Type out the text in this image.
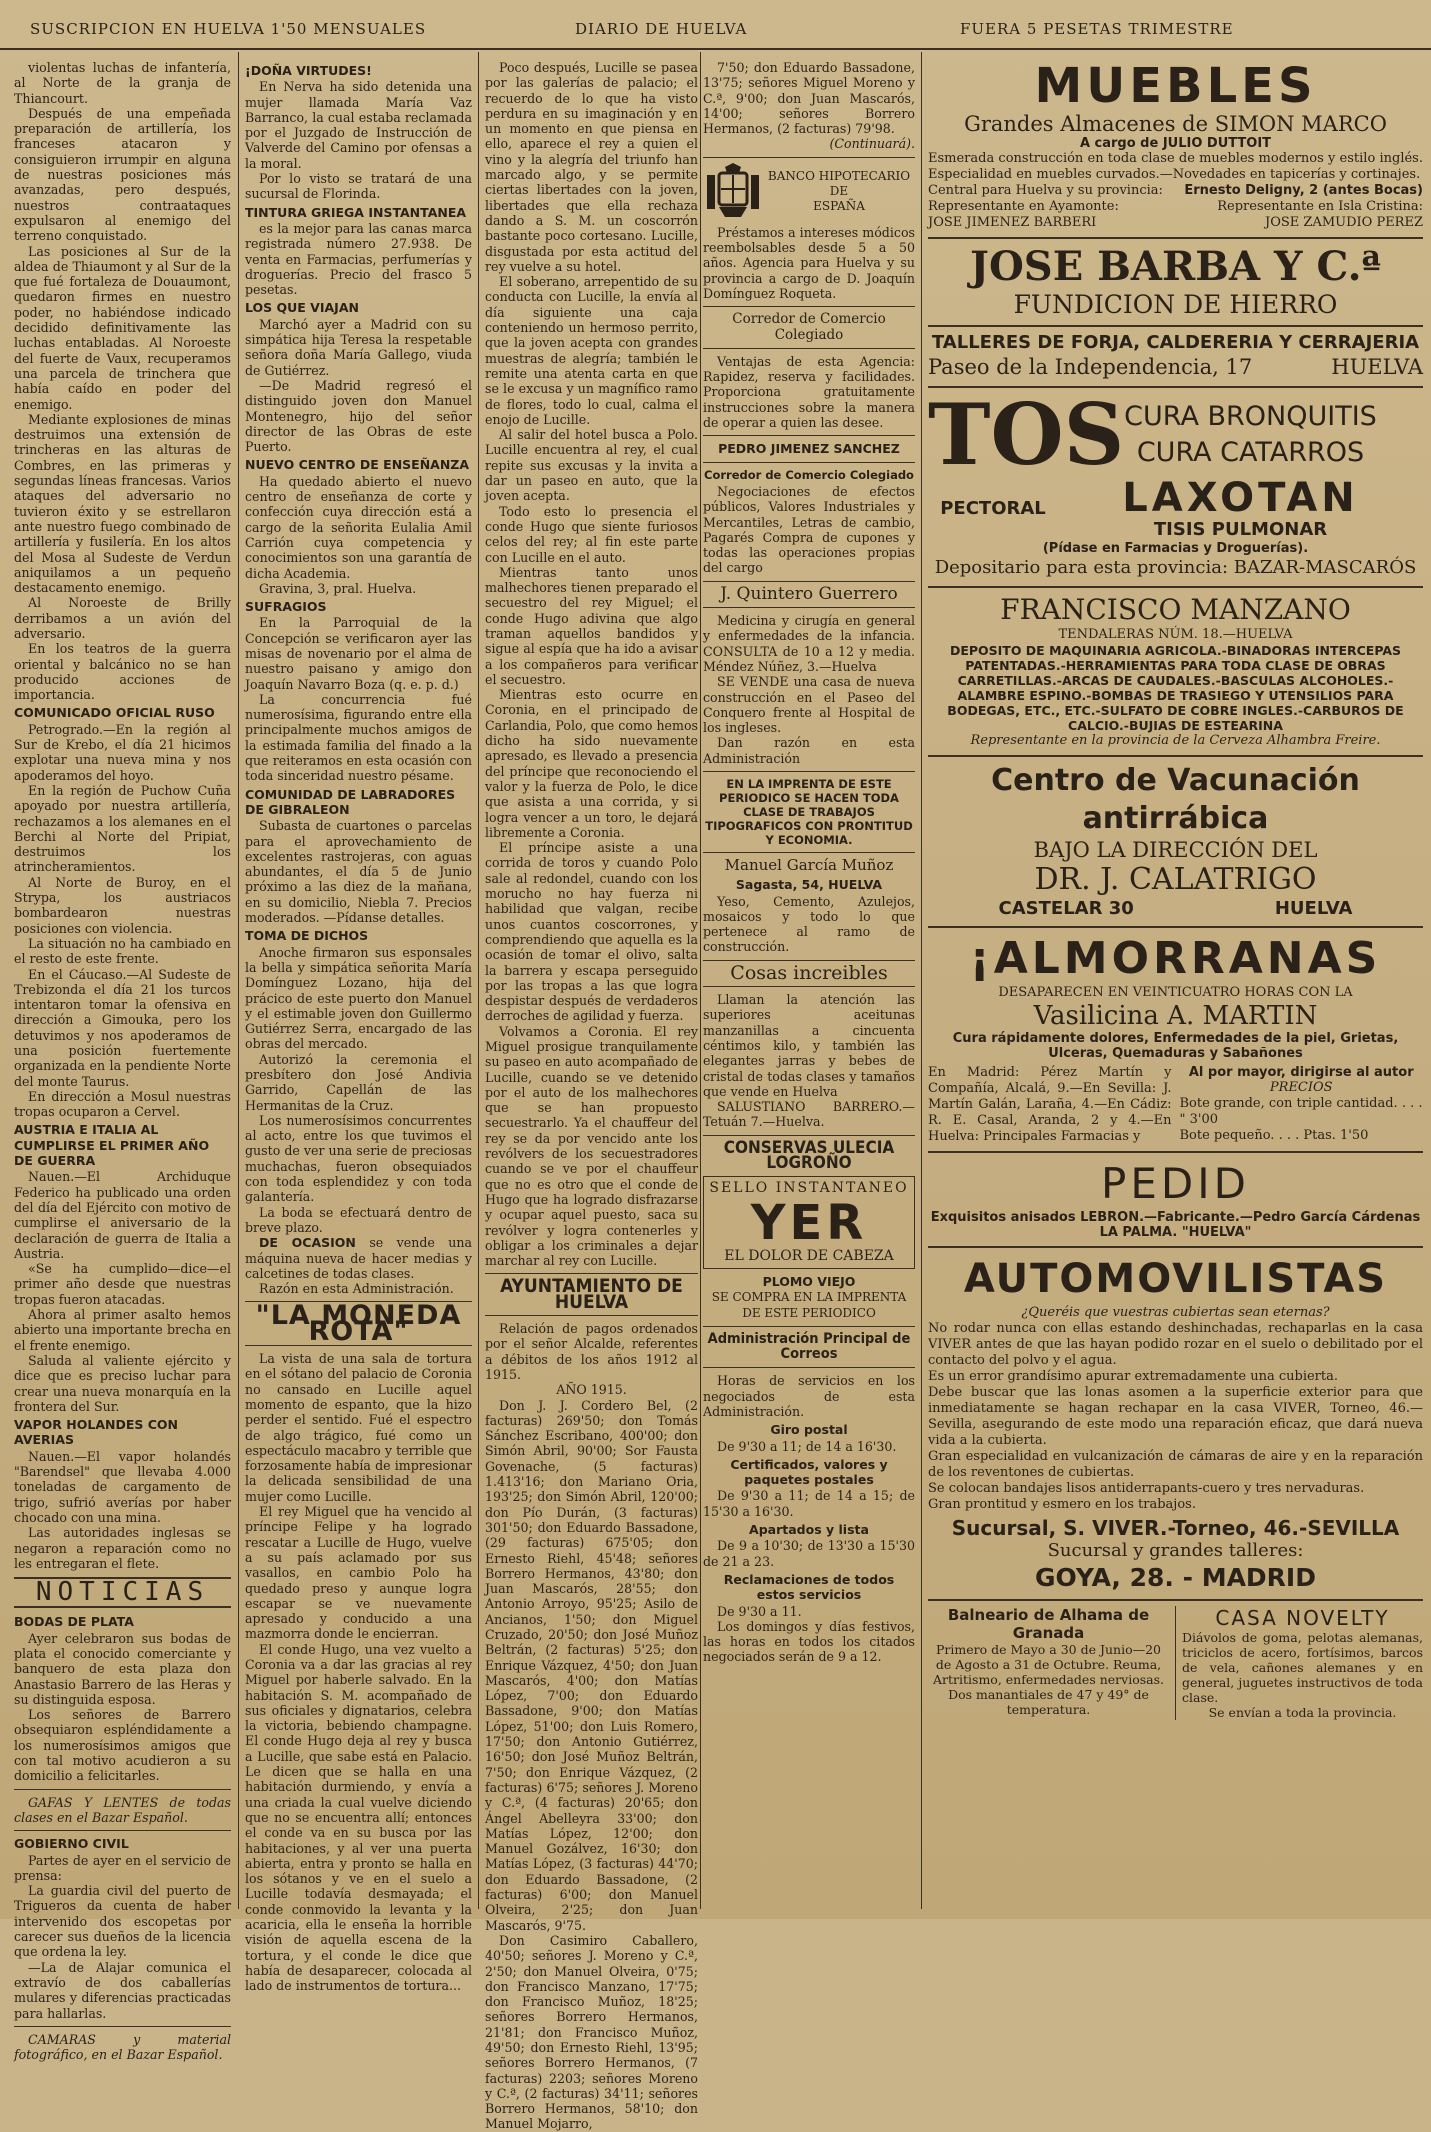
SUSCRIPCION EN HUELVA 1'50 MENSUALES	DIARIO DE HUELVA	FUERA 5 PESETAS TRIMESTRE

violentas luchas de infantería, al Norte de la granja de Thiancourt.

Después de una empeñada preparación de artillería, los franceses atacaron y consiguieron irrumpir en alguna de nuestras posiciones más avanzadas, pero después, nuestros contraataques expulsaron al enemigo del terreno conquistado.

Las posiciones al Sur de la aldea de Thiaumont y al Sur de la que fué fortaleza de Douaumont, quedaron firmes en nuestro poder, no habiéndose indicado decidido definitivamente las luchas entabladas. Al Noroeste del fuerte de Vaux, recuperamos una parcela de trinchera que había caído en poder del enemigo.

Mediante explosiones de minas destruimos una extensión de trincheras en las alturas de Combres, en las primeras y segundas líneas francesas. Varios ataques del adversario no tuvieron éxito y se estrellaron ante nuestro fuego combinado de artillería y fusilería. En los altos del Mosa al Sudeste de Verdun aniquilamos a un pequeño destacamento enemigo.

Al Noroeste de Brilly derribamos a un avión del adversario.

En los teatros de la guerra oriental y balcánico no se han producido acciones de importancia.

COMUNICADO OFICIAL RUSO

Petrogrado.—En la región al Sur de Krebo, el día 21 hicimos explotar una nueva mina y nos apoderamos del hoyo.

En la región de Puchow Cuña apoyado por nuestra artillería, rechazamos a los alemanes en el Berchi al Norte del Pripiat, destruimos los atrincheramientos.

Al Norte de Buroy, en el Strypa, los austriacos bombardearon nuestras posiciones con violencia.

La situación no ha cambiado en el resto de este frente.

En el Cáucaso.—Al Sudeste de Trebizonda el día 21 los turcos intentaron tomar la ofensiva en dirección a Gimouka, pero los detuvimos y nos apoderamos de una posición fuertemente organizada en la pendiente Norte del monte Taurus.

En dirección a Mosul nuestras tropas ocuparon a Cervel.

AUSTRIA E ITALIA AL CUMPLIRSE EL PRIMER AÑO DE GUERRA

Nauen.—El Archiduque Federico ha publicado una orden del día del Ejército con motivo de cumplirse el aniversario de la declaración de guerra de Italia a Austria.

«Se ha cumplido—dice—el primer año desde que nuestras tropas fueron atacadas.

Ahora al primer asalto hemos abierto una importante brecha en el frente enemigo.

Saluda al valiente ejército y dice que es preciso luchar para crear una nueva monarquía en la frontera del Sur.

VAPOR HOLANDES CON AVERIAS

Nauen.—El vapor holandés "Barendsel" que llevaba 4.000 toneladas de cargamento de trigo, sufrió averías por haber chocado con una mina.

Las autoridades inglesas se negaron a reparación como no les entregaran el flete.

NOTICIAS
BODAS DE PLATA

Ayer celebraron sus bodas de plata el conocido comerciante y banquero de esta plaza don Anastasio Barrero de las Heras y su distinguida esposa.

Los señores de Barrero obsequiaron espléndidamente a los numerosísimos amigos que con tal motivo acudieron a su domicilio a felicitarles.

GAFAS Y LENTES de todas clases en el Bazar Español.

GOBIERNO CIVIL

Partes de ayer en el servicio de prensa:

La guardia civil del puerto de Trigueros da cuenta de haber intervenido dos escopetas por carecer sus dueños de la licencia que ordena la ley.

—La de Alajar comunica el extravío de dos caballerías mulares y diferencias practicadas para hallarlas.

CAMARAS y material fotográfico, en el Bazar Español.

¡DOÑA VIRTUDES!

En Nerva ha sido detenida una mujer llamada María Vaz Barranco, la cual estaba reclamada por el Juzgado de Instrucción de Valverde del Camino por ofensas a la moral.

Por lo visto se tratará de una sucursal de Florinda.

TINTURA GRIEGA INSTANTANEA

es la mejor para las canas marca registrada número 27.938. De venta en Farmacias, perfumerías y droguerías. Precio del frasco 5 pesetas.

LOS QUE VIAJAN

Marchó ayer a Madrid con su simpática hija Teresa la respetable señora doña María Gallego, viuda de Gutiérrez.

—De Madrid regresó el distinguido joven don Manuel Montenegro, hijo del señor director de las Obras de este Puerto.

NUEVO CENTRO DE ENSEÑANZA

Ha quedado abierto el nuevo centro de enseñanza de corte y confección cuya dirección está a cargo de la señorita Eulalia Amil Carrión cuya competencia y conocimientos son una garantía de dicha Academia.

Gravina, 3, pral. Huelva.

SUFRAGIOS

En la Parroquial de la Concepción se verificaron ayer las misas de novenario por el alma de nuestro paisano y amigo don Joaquín Navarro Boza (q. e. p. d.)

La concurrencia fué numerosísima, figurando entre ella principalmente muchos amigos de la estimada familia del finado a la que reiteramos en esta ocasión con toda sinceridad nuestro pésame.

COMUNIDAD DE LABRADORES DE GIBRALEON

Subasta de cuartones o parcelas para el aprovechamiento de excelentes rastrojeras, con aguas abundantes, el día 5 de Junio próximo a las diez de la mañana, en su domicilio, Niebla 7. Precios moderados. —Pídanse detalles.

TOMA DE DICHOS

Anoche firmaron sus esponsales la bella y simpática señorita María Domínguez Lozano, hija del prácico de este puerto don Manuel y el estimable joven don Guillermo Gutiérrez Serra, encargado de las obras del mercado.

Autorizó la ceremonia el presbítero don José Andivia Garrido, Capellán de las Hermanitas de la Cruz.

Los numerosísimos concurrentes al acto, entre los que tuvimos el gusto de ver una serie de preciosas muchachas, fueron obsequiados con toda esplendidez y con toda galantería.

La boda se efectuará dentro de breve plazo.

DE OCASION se vende una máquina nueva de hacer medias y calcetines de todas clases.

Razón en esta Administración.

"LA MONEDA ROTA"

La vista de una sala de tortura en el sótano del palacio de Coronia no cansado en Lucille aquel momento de espanto, que la hizo perder el sentido. Fué el espectro de algo trágico, fué como un espectáculo macabro y terrible que forzosamente había de impresionar la delicada sensibilidad de una mujer como Lucille.

El rey Miguel que ha vencido al príncipe Felipe y ha logrado rescatar a Lucille de Hugo, vuelve a su país aclamado por sus vasallos, en cambio Polo ha quedado preso y aunque logra escapar se ve nuevamente apresado y conducido a una mazmorra donde le encierran.

El conde Hugo, una vez vuelto a Coronia va a dar las gracias al rey Miguel por haberle salvado. En la habitación S. M. acompañado de sus oficiales y dignatarios, celebra la victoria, bebiendo champagne. El conde Hugo deja al rey y busca a Lucille, que sabe está en Palacio. Le dicen que se halla en una habitación durmiendo, y envía a una criada la cual vuelve diciendo que no se encuentra allí; entonces el conde va en su busca por las habitaciones, y al ver una puerta abierta, entra y pronto se halla en los sótanos y ve en el suelo a Lucille todavía desmayada; el conde conmovido la levanta y la acaricia, ella le enseña la horrible visión de aquella escena de la tortura, y el conde le dice que había de desaparecer, colocada al lado de instrumentos de tortura...

Poco después, Lucille se pasea por las galerías de palacio; el recuerdo de lo que ha visto perdura en su imaginación y en un momento en que piensa en ello, aparece el rey a quien el vino y la alegría del triunfo han marcado algo, y se permite ciertas libertades con la joven, libertades que ella rechaza dando a S. M. un coscorrón bastante poco cortesano. Lucille, disgustada por esta actitud del rey vuelve a su hotel.

El soberano, arrepentido de su conducta con Lucille, la envía al día siguiente una caja conteniendo un hermoso perrito, que la joven acepta con grandes muestras de alegría; también le remite una atenta carta en que se le excusa y un magnífico ramo de flores, todo lo cual, calma el enojo de Lucille.

Al salir del hotel busca a Polo. Lucille encuentra al rey, el cual repite sus excusas y la invita a dar un paseo en auto, que la joven acepta.

Todo esto lo presencia el conde Hugo que siente furiosos celos del rey; al fin este parte con Lucille en el auto.

Mientras tanto unos malhechores tienen preparado el secuestro del rey Miguel; el conde Hugo adivina que algo traman aquellos bandidos y sigue al espía que ha ido a avisar a los compañeros para verificar el secuestro.

Mientras esto ocurre en Coronia, en el principado de Carlandia, Polo, que como hemos dicho ha sido nuevamente apresado, es llevado a presencia del príncipe que reconociendo el valor y la fuerza de Polo, le dice que asista a una corrida, y si logra vencer a un toro, le dejará libremente a Coronia.

El príncipe asiste a una corrida de toros y cuando Polo sale al redondel, cuando con los morucho no hay fuerza ni habilidad que valgan, recibe unos cuantos coscorrones, y comprendiendo que aquella es la ocasión de tomar el olivo, salta la barrera y escapa perseguido por las tropas a las que logra despistar después de verdaderos derroches de agilidad y fuerza.

Volvamos a Coronia. El rey Miguel prosigue tranquilamente su paseo en auto acompañado de Lucille, cuando se ve detenido por el auto de los malhechores que se han propuesto secuestrarlo. Ya el chauffeur del rey se da por vencido ante los revólvers de los secuestradores cuando se ve por el chauffeur que no es otro que el conde de Hugo que ha logrado disfrazarse y ocupar aquel puesto, saca su revólver y logra contenerles y obligar a los criminales a dejar marchar al rey con Lucille.

AYUNTAMIENTO DE HUELVA

Relación de pagos ordenados por el señor Alcalde, referentes a débitos de los años 1912 al 1915.

AÑO 1915.

Don J. J. Cordero Bel, (2 facturas) 269'50; don Tomás Sánchez Escribano, 400'00; don Simón Abril, 90'00; Sor Fausta Govenache, (5 facturas) 1.413'16; don Mariano Oria, 193'25; don Simón Abril, 120'00; don Pío Durán, (3 facturas) 301'50; don Eduardo Bassadone, (29 facturas) 675'05; don Ernesto Riehl, 45'48; señores Borrero Hermanos, 43'80; don Juan Mascarós, 28'55; don Antonio Arroyo, 95'25; Asilo de Ancianos, 1'50; don Miguel Cruzado, 20'50; don José Muñoz Beltrán, (2 facturas) 5'25; don Enrique Vázquez, 4'50; don Juan Mascarós, 4'00; don Matías López, 7'00; don Eduardo Bassadone, 9'00; don Matías López, 51'00; don Luis Romero, 17'50; don Antonio Gutiérrez, 16'50; don José Muñoz Beltrán, 7'50; don Enrique Vázquez, (2 facturas) 6'75; señores J. Moreno y C.ª, (4 facturas) 20'65; don Ángel Abelleyra 33'00; don Matías López, 12'00; don Manuel Gozálvez, 16'30; don Matías López, (3 facturas) 44'70; don Eduardo Bassadone, (2 facturas) 6'00; don Manuel Olveira, 2'25; don Juan Mascarós, 9'75.

Don Casimiro Caballero, 40'50; señores J. Moreno y C.ª, 2'50; don Manuel Olveira, 0'75; don Francisco Manzano, 17'75; don Francisco Muñoz, 18'25; señores Borrero Hermanos, 21'81; don Francisco Muñoz, 49'50; don Ernesto Riehl, 13'95; señores Borrero Hermanos, (7 facturas) 2203; señores Moreno y C.ª, (2 facturas) 34'11; señores Borrero Hermanos, 58'10; don Manuel Mojarro,

7'50; don Eduardo Bassadone, 13'75; señores Miguel Moreno y C.ª, 9'00; don Juan Mascarós, 14'00; señores Borrero Hermanos, (2 facturas) 79'98.

(Continuará).

BANCO HIPOTECARIO
DE
ESPAÑA

Préstamos a intereses módicos reembolsables desde 5 a 50 años. Agencia para Huelva y su provincia a cargo de D. Joaquín Domínguez Roqueta.

Corredor de Comercio Colegiado

Ventajas de esta Agencia: Rapidez, reserva y facilidades. Proporciona gratuitamente instrucciones sobre la manera de operar a quien las desee.

PEDRO JIMENEZ SANCHEZ
Corredor de Comercio Colegiado

Negociaciones de efectos públicos, Valores Industriales y Mercantiles, Letras de cambio, Pagarés Compra de cupones y todas las operaciones propias del cargo

J. Quintero Guerrero

Medicina y cirugía en general y enfermedades de la infancia. CONSULTA de 10 a 12 y media. Méndez Núñez, 3.—Huelva

SE VENDE una casa de nueva construcción en el Paseo del Conquero frente al Hospital de los ingleses.

Dan razón en esta Administración

EN LA IMPRENTA DE ESTE PERIODICO SE HACEN TODA CLASE DE TRABAJOS TIPOGRAFICOS CON PRONTITUD Y ECONOMIA.
Manuel García Muñoz
Sagasta, 54, HUELVA

Yeso, Cemento, Azulejos, mosaicos y todo lo que pertenece al ramo de construcción.

Cosas increibles

Llaman la atención las superiores aceitunas manzanillas a cincuenta céntimos kilo, y también las elegantes jarras y bebes de cristal de todas clases y tamaños que vende en Huelva

SALUSTIANO BARRERO.—Tetuán 7.—Huelva.

CONSERVAS ULECIA LOGROÑO
SELLO INSTANTANEO
YER
EL DOLOR DE CABEZA
PLOMO VIEJO
SE COMPRA EN LA IMPRENTA DE ESTE PERIODICO
Administración Principal de Correos

Horas de servicios en los negociados de esta Administración.

Giro postal

De 9'30 a 11; de 14 a 16'30.

Certificados, valores y paquetes postales

De 9'30 a 11; de 14 a 15; de 15'30 a 16'30.

Apartados y lista

De 9 a 10'30; de 13'30 a 15'30 de 21 a 23.

Reclamaciones de todos estos servicios

De 9'30 a 11.

Los domingos y días festivos, las horas en todos los citados negociados serán de 9 a 12.

MUEBLES
Grandes Almacenes de SIMON MARCO
A cargo de JULIO DUTTOIT
Esmerada construcción en toda clase de muebles modernos y estilo inglés. Especialidad en muebles curvados.—Novedades en tapicerías y cortinajes.
Central para Huelva y su provincia: Ernesto Deligny, 2 (antes Bocas)
Representante en Ayamonte:	Representante en Isla Cristina:
JOSE JIMENEZ BARBERI	JOSE ZAMUDIO PEREZ
JOSE BARBA Y C.ª
FUNDICION DE HIERRO
TALLERES DE FORJA, CALDERERIA Y CERRAJERIA
Paseo de la Independencia, 17	HUELVA
TOS CURA BRONQUITIS
CURA CATARROS
PECTORAL	LAXOTAN
TISIS PULMONAR
(Pídase en Farmacias y Droguerías).
Depositario para esta provincia: BAZAR-MASCARÓS
FRANCISCO MANZANO
TENDALERAS NÚM. 18.—HUELVA
DEPOSITO DE MAQUINARIA AGRICOLA.-BINADORAS INTERCEPAS PATENTADAS.-HERRAMIENTAS PARA TODA CLASE DE OBRAS CARRETILLAS.-ARCAS DE CAUDALES.-BASCULAS ALCOHOLES.-ALAMBRE ESPINO.-BOMBAS DE TRASIEGO Y UTENSILIOS PARA BODEGAS, ETC., ETC.-SULFATO DE COBRE INGLES.-CARBUROS DE CALCIO.-BUJIAS DE ESTEARINA
Representante en la provincia de la Cerveza Alhambra Freire.
Centro de Vacunación antirrábica
BAJO LA DIRECCIÓN DEL
DR. J. CALATRIGO
CASTELAR 30	HUELVA
¡ALMORRANAS
DESAPARECEN EN VEINTICUATRO HORAS CON LA
Vasilicina A. MARTIN
Cura rápidamente dolores, Enfermedades de la piel, Grietas, Ulceras, Quemaduras y Sabañones
En Madrid: Pérez Martín y Compañía, Alcalá, 9.—En Sevilla: J. Martín Galán, Laraña, 4.—En Cádiz: R. E. Casal, Aranda, 2 y 4.—En Huelva: Principales Farmacias y
Al por mayor, dirigirse al autor
PRECIOS
Bote grande, con triple cantidad. . . . " 3'00
Bote pequeño. . . . Ptas. 1'50
PEDID
Exquisitos anisados LEBRON.—Fabricante.—Pedro García Cárdenas
LA PALMA. "HUELVA"
AUTOMOVILISTAS
¿Queréis que vuestras cubiertas sean eternas?
No rodar nunca con ellas estando deshinchadas, rechaparlas en la casa VIVER antes de que las hayan podido rozar en el suelo o debilitado por el contacto del polvo y el agua.
Es un error grandísimo apurar extremadamente una cubierta.
Debe buscar que las lonas asomen a la superficie exterior para que inmediatamente se hagan rechapar en la casa VIVER, Torneo, 46.—Sevilla, asegurando de este modo una reparación eficaz, que dará nueva vida a la cubierta.
Gran especialidad en vulcanización de cámaras de aire y en la reparación de los reventones de cubiertas.
Se colocan bandajes lisos antiderrapants-cuero y tres nervaduras.
Gran prontitud y esmero en los trabajos.
Sucursal, S. VIVER.-Torneo, 46.-SEVILLA
Sucursal y grandes talleres:
GOYA, 28. - MADRID
Balneario de Alhama de Granada
Primero de Mayo a 30 de Junio—20 de Agosto a 31 de Octubre. Reuma, Artritismo, enfermedades nerviosas. Dos manantiales de 47 y 49° de temperatura.
CASA NOVELTY
Diávolos de goma, pelotas alemanas, triciclos de acero, fortísimos, barcos de vela, cañones alemanes y en general, juguetes instructivos de toda clase.
Se envían a toda la provincia.
